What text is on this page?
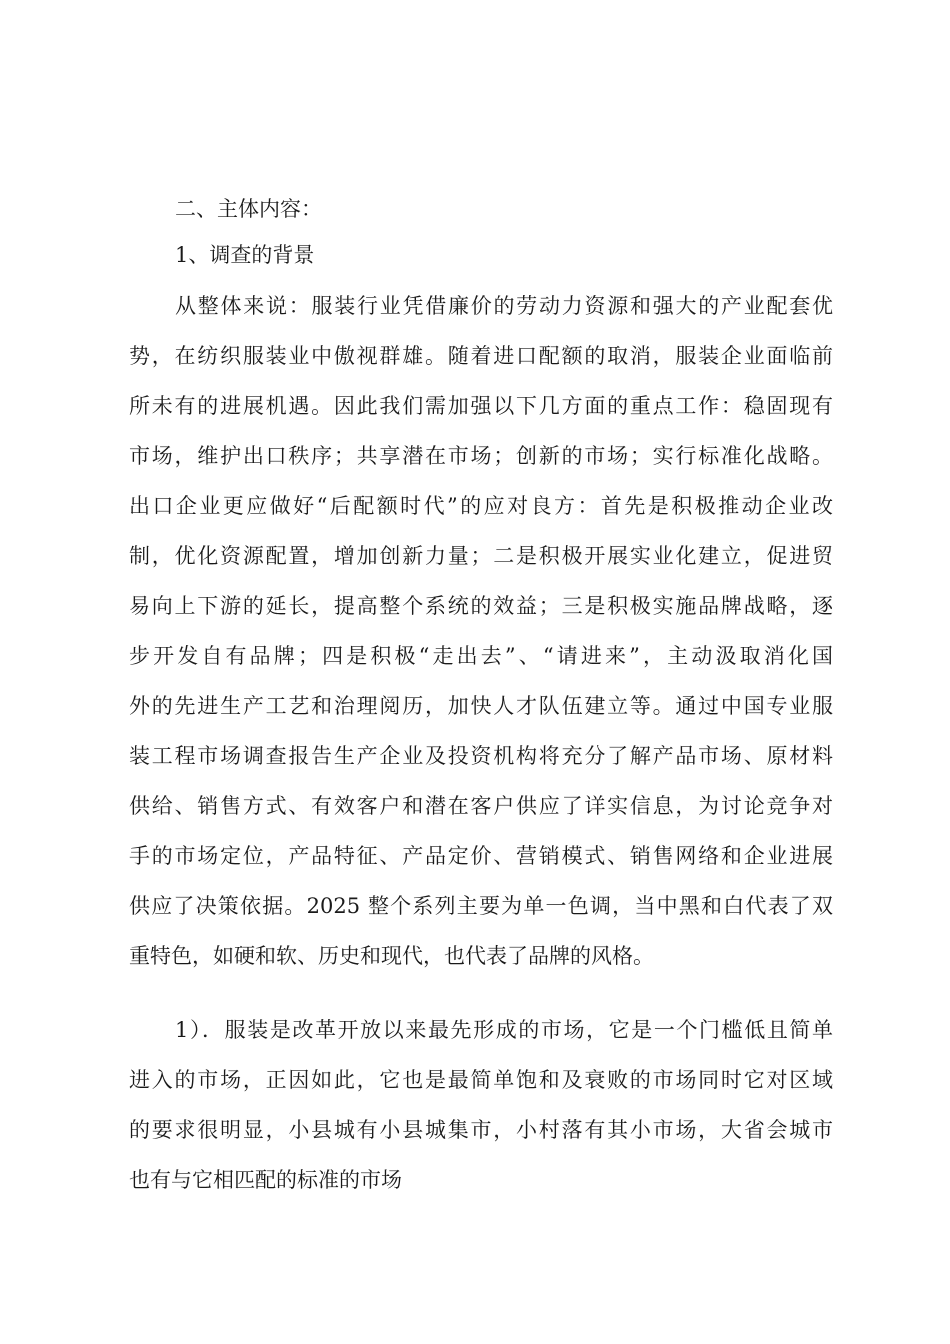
二、主体内容：
1、调查的背景
从整体来说：服装行业凭借廉价的劳动力资源和强大的产业配套优
势，在纺织服装业中傲视群雄。随着进口配额的取消，服装企业面临前
所未有的进展机遇。因此我们需加强以下几方面的重点工作：稳固现有
市场，维护出口秩序；共享潜在市场；创新的市场；实行标准化战略。
出口企业更应做好“后配额时代”的应对良方：首先是积极推动企业改
制，优化资源配置，增加创新力量；二是积极开展实业化建立，促进贸
易向上下游的延长，提高整个系统的效益；三是积极实施品牌战略，逐
步开发自有品牌；四是积极“走出去”、“请进来”，主动汲取消化国
外的先进生产工艺和治理阅历，加快人才队伍建立等。通过中国专业服
装工程市场调查报告生产企业及投资机构将充分了解产品市场、原材料
供给、销售方式、有效客户和潜在客户供应了详实信息，为讨论竞争对
手的市场定位，产品特征、产品定价、营销模式、销售网络和企业进展
供应了决策依据。2025 整个系列主要为单一色调，当中黑和白代表了双
重特色，如硬和软、历史和现代，也代表了品牌的风格。
1）．服装是改革开放以来最先形成的市场，它是一个门槛低且简单
进入的市场，正因如此，它也是最简单饱和及衰败的市场同时它对区域
的要求很明显，小县城有小县城集市，小村落有其小市场，大省会城市
也有与它相匹配的标准的市场
